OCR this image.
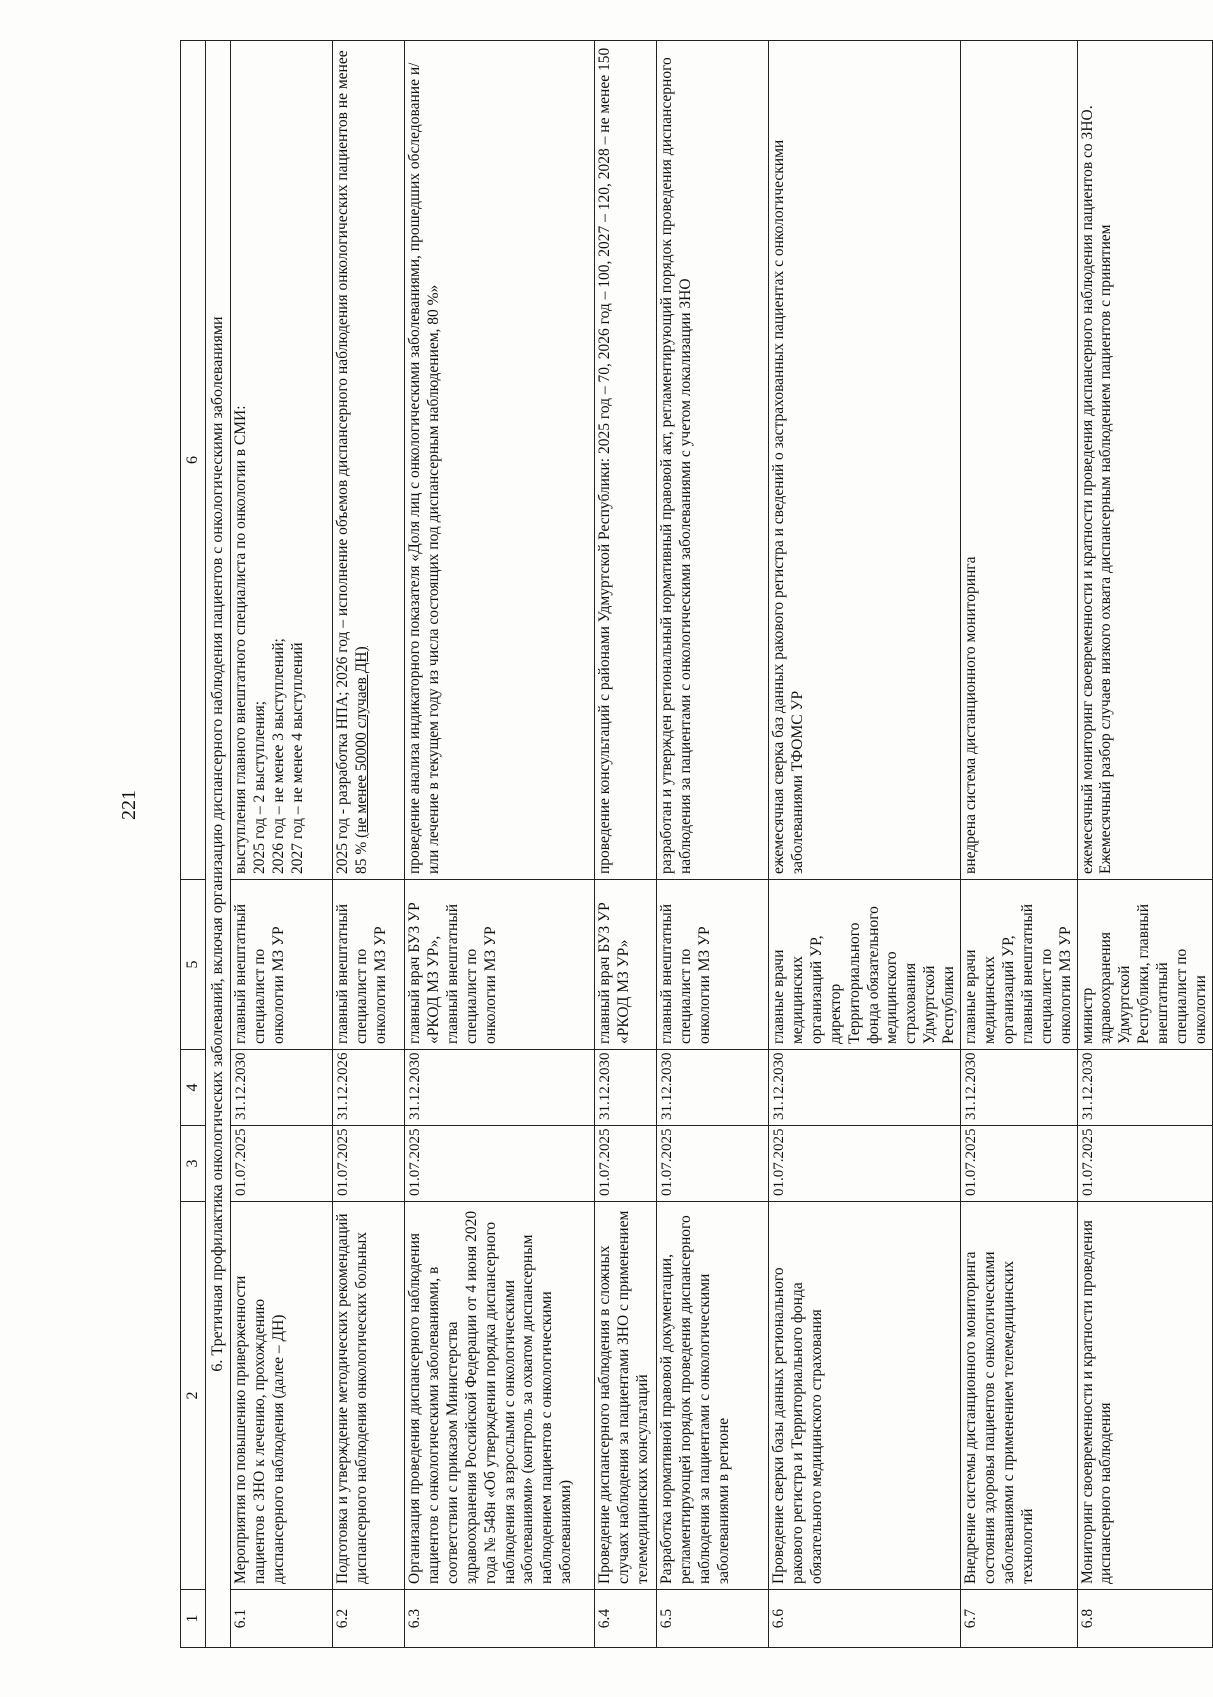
221
1	2	3	4	5	6
6. Третичная профилактика онкологических заболеваний, включая организацию диспансерного наблюдения пациентов с онкологическими заболеваниями					
6.1	Мероприятия по повышению приверженности пациентов с ЗНО к лечению, прохождению диспансерного наблюдения (далее – ДН)	01.07.2025	31.12.2030	главный внештатный специалист по онкологии МЗ УР	выступления главного внештатного специалиста по онкологии в СМИ: 2025 год – 2 выступления; 2026 год – не менее 3 выступлений; 2027 год – не менее 4 выступлений

6.2	Подготовка и утверждение методических рекомендаций диспансерного наблюдения онкологических больных	01.07.2025	31.12.2026	главный внештатный специалист по онкологии МЗ УР	2025 год - разработка НПА; 2026 год – исполнение объемов диспансерного наблюдения онкологических пациентов не менее 85 % (не менее 50000 случаев ДН)
6.3	Организация проведения диспансерного наблюдения пациентов с онкологическими заболеваниями, в соответствии с приказом Министерства здравоохранения Российской Федерации от 4 июня 2020 года № 548н «Об утверждении порядка диспансерного наблюдения за взрослыми с онкологическими заболеваниями» (контроль за охватом диспансерным наблюдением пациентов с онкологическими заболеваниями)	01.07.2025	31.12.2030	главный врач БУЗ УР «РКОД МЗ УР», главный внештатный специалист по онкологии МЗ УР	проведение анализа индикаторного показателя «Доля лиц с онкологическими заболеваниями, прошедших обследование и/или лечение в текущем году из числа состоящих под диспансерным наблюдением, 80 %»
6.4	Проведение диспансерного наблюдения в сложных случаях наблюдения за пациентами ЗНО с применением телемедицинских консультаций	01.07.2025	31.12.2030	главный врач БУЗ УР «РКОД МЗ УР»	проведение консультаций с районами Удмуртской Республики: 2025 год – 70, 2026 год – 100, 2027 – 120, 2028 – не менее 150
6.5	Разработка нормативной правовой документации, регламентирующей порядок проведения диспансерного наблюдения за пациентами с онкологическими заболеваниями в регионе	01.07.2025	31.12.2030	главный внештатный специалист по онкологии МЗ УР	разработан и утвержден региональный нормативный правовой акт, регламентирующий порядок проведения диспансерного наблюдения за пациентами с онкологическими заболеваниями с учетом локализации ЗНО
6.6	Проведение сверки базы данных регионального ракового регистра и Территориального фонда обязательного медицинского страхования	01.07.2025	31.12.2030	главные врачи медицинских организаций УР, директор Территориального фонда обязательного медицинского страхования Удмуртской Республики	ежемесячная сверка баз данных ракового регистра и сведений о застрахованных пациентах с онкологическими заболеваниями ТФОМС УР
6.7	Внедрение системы дистанционного мониторинга состояния здоровья пациентов с онкологическими заболеваниями с применением телемедицинских технологий	01.07.2025	31.12.2030	главные врачи медицинских организаций УР, главный внештатный специалист по онкологии МЗ УР	внедрена система дистанционного мониторинга
6.8	Мониторинг своевременности и кратности проведения диспансерного наблюдения	01.07.2025	31.12.2030	министр здравоохранения Удмуртской Республики, главный внештатный специалист по онкологии	ежемесячный мониторинг своевременности и кратности проведения диспансерного наблюдения пациентов со ЗНО. Ежемесячный разбор случаев низкого охвата диспансерным наблюдением пациентов с принятием
